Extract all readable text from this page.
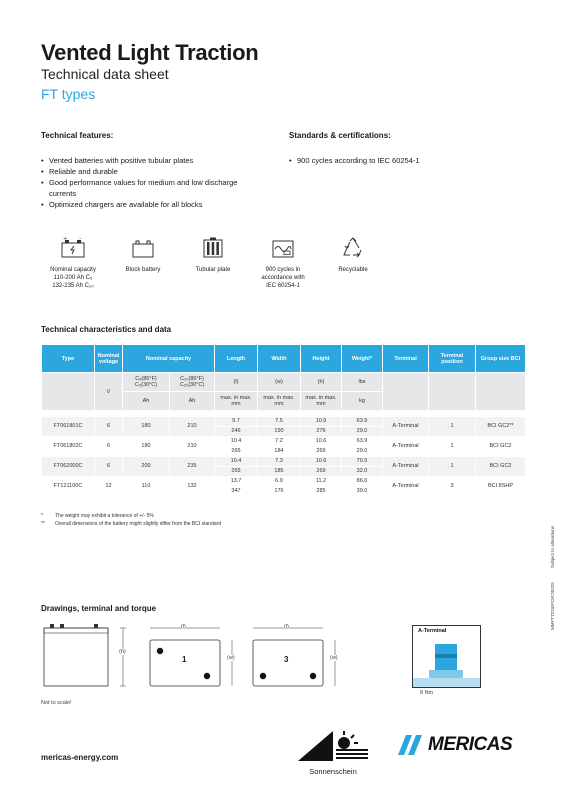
Vented Light Traction
Technical data sheet
FT types
Technical features:
• Vented batteries with positive tubular plates
• Reliable and durable
• Good performance values for medium and low discharge currents
• Optimized chargers are available for all blocks
Standards & certifications:
• 900 cycles according to IEC 60254-1
+ –
Nominal capacity
110-200 Ah C₅
132-235 Ah C₂₀
Block battery	Tubular plate	900 cycles in
accordance with
IEC 60254-1
Recyclable
Technical characteristics and data
Type	Nominal voltage	Nominal capacity		Length	Width	Height	Weight*	Terminal	Terminal position	Group size BCI
	V	C₅(86°F) C₅(30°C)	C₂₀(86°F) C₂₀(30°C)	(l)	(w)	(h)	lbs			
		Ah	Ah	max. in max. mm	max. in max. mm	max. in max. mm	kg			

FT061801C	6	180	210	9.7	7.5	10.9	63.9	A-Terminal	1	BCI GC2**
				246	190	276	29.0			
FT061802C	6	180	210	10.4	7.2	10.6	63.9	A-Terminal	1	BCI GC2
				265	184	269	29.0			
FT062000C	6	200	235	10.4	7.3	10.6	70.5	A-Terminal	1	BCI GC2
				265	185	269	32.0			
FT121100C	12	110	132	13.7	6.9	11.2	86.0	A-Terminal	3	BCI 8SHP
				347	176	285	39.0			
* The weight may exhibit a tolerance of +/- 5%
** Overall dimensions of the battery might slightly differ from the BCI standard
Subject to alterations
MMFTTDSEPOFO0325
Drawings, terminal and torque
(h)
(l)
(w)
1
(l)
(w)
3
A-Terminal
8 Nm
Not to scale!
mericas-energy.com
Sonnenschein
MERICAS
